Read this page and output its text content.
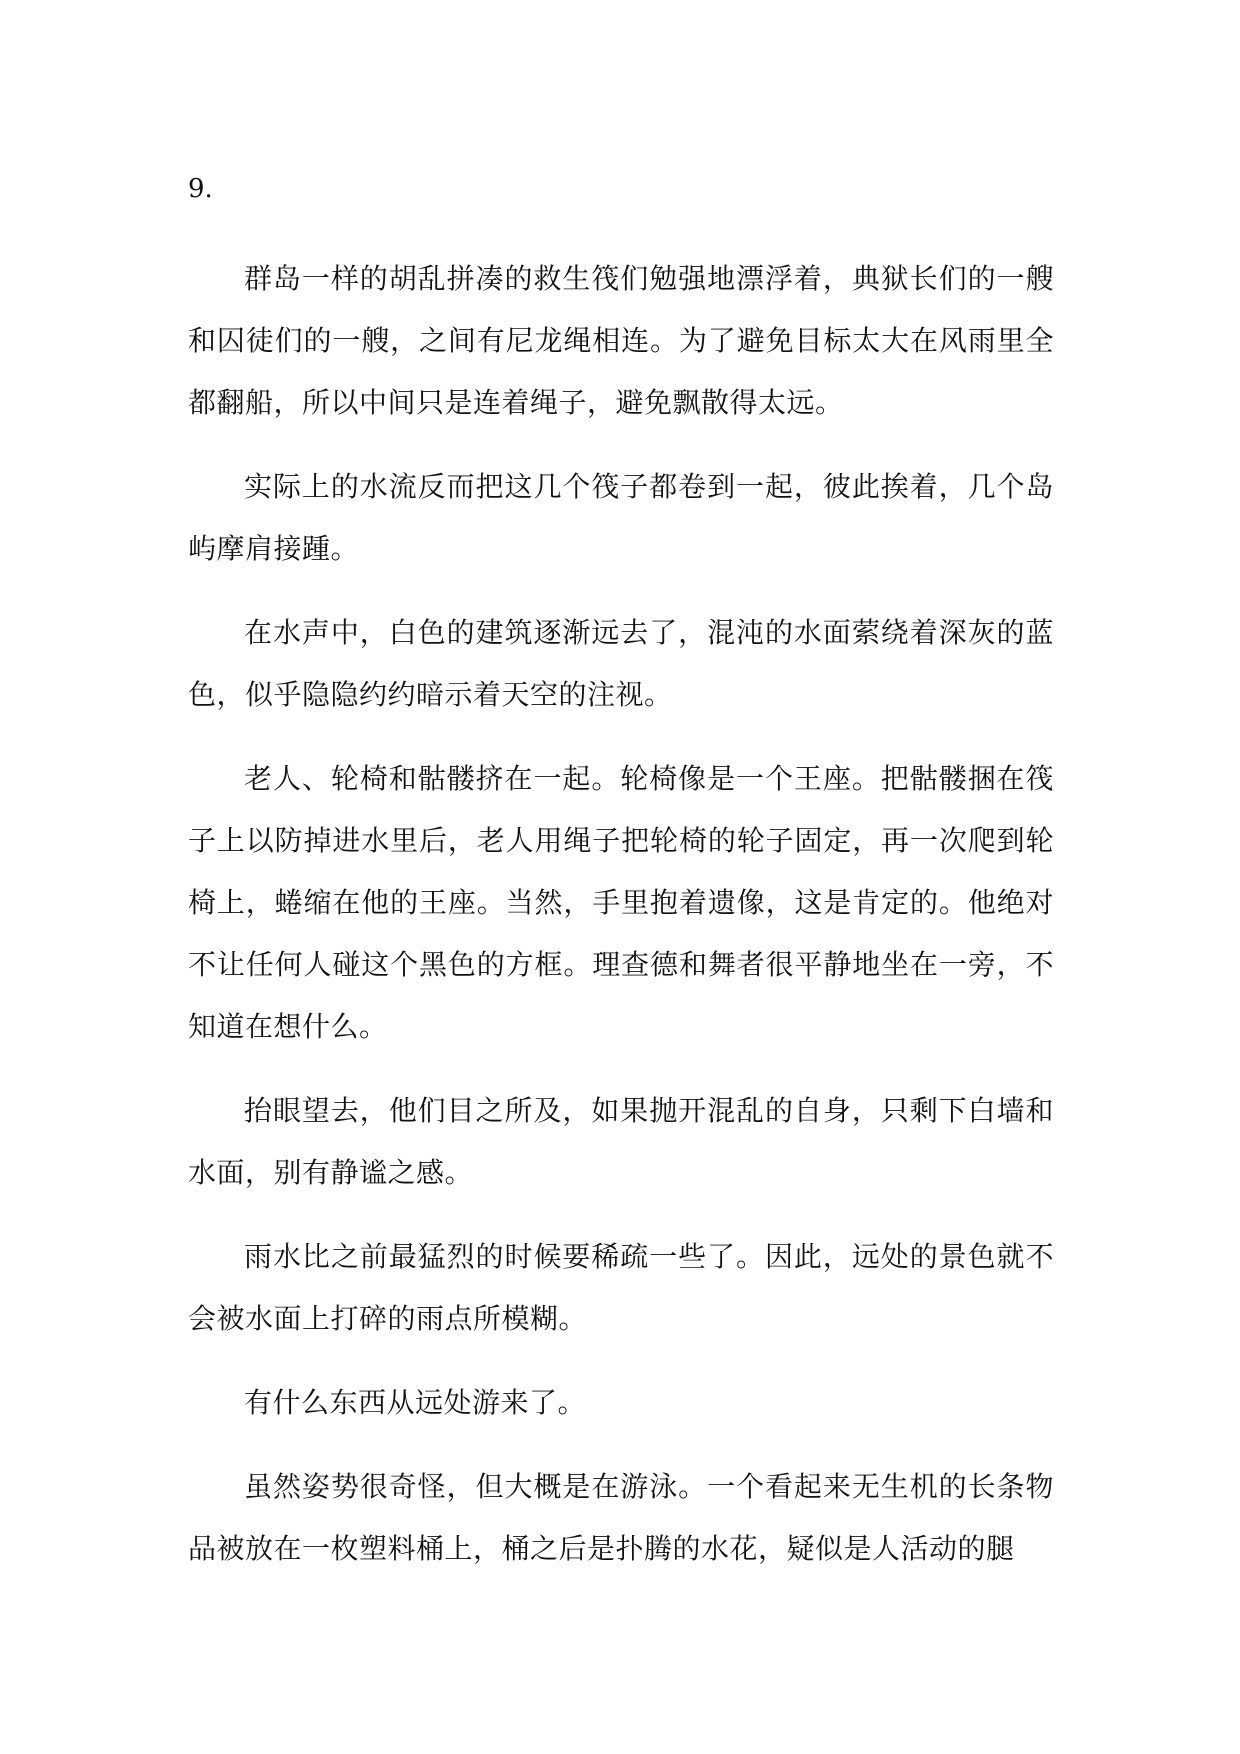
9.

群岛一样的胡乱拼凑的救生筏们勉强地漂浮着，典狱长们的一艘和囚徒们的一艘，之间有尼龙绳相连。为了避免目标太大在风雨里全都翻船，所以中间只是连着绳子，避免飘散得太远。

实际上的水流反而把这几个筏子都卷到一起，彼此挨着，几个岛屿摩肩接踵。

在水声中，白色的建筑逐渐远去了，混沌的水面萦绕着深灰的蓝色，似乎隐隐约约暗示着天空的注视。

老人、轮椅和骷髅挤在一起。轮椅像是一个王座。把骷髅捆在筏子上以防掉进水里后，老人用绳子把轮椅的轮子固定，再一次爬到轮椅上，蜷缩在他的王座。当然，手里抱着遗像，这是肯定的。他绝对不让任何人碰这个黑色的方框。理查德和舞者很平静地坐在一旁，不知道在想什么。

抬眼望去，他们目之所及，如果抛开混乱的自身，只剩下白墙和水面，别有静谧之感。

雨水比之前最猛烈的时候要稀疏一些了。因此，远处的景色就不会被水面上打碎的雨点所模糊。

有什么东西从远处游来了。

虽然姿势很奇怪，但大概是在游泳。一个看起来无生机的长条物品被放在一枚塑料桶上，桶之后是扑腾的水花，疑似是人活动的腿
